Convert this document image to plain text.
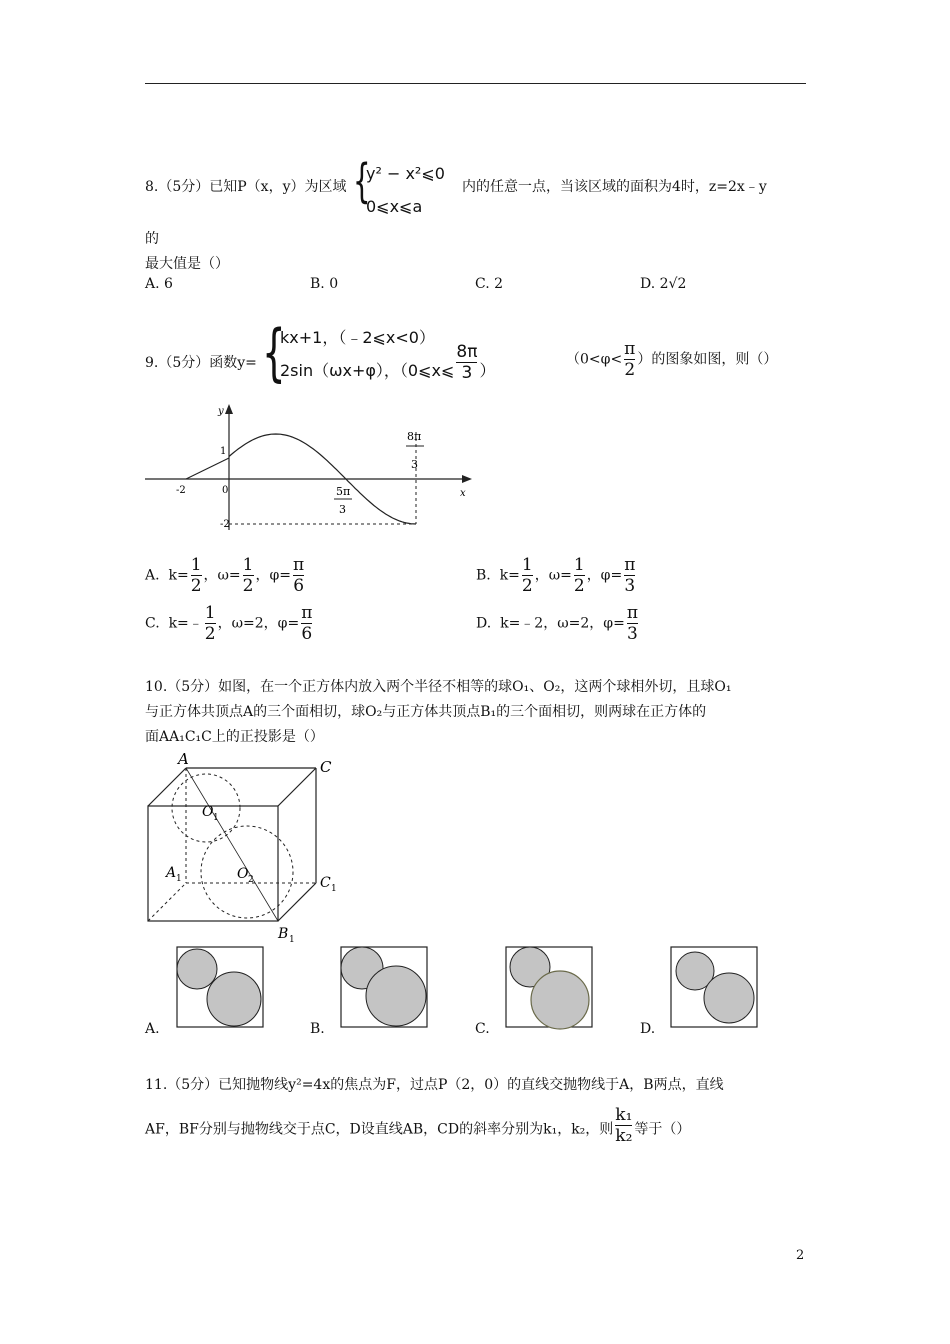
8.（5分）已知P（x，y）为区域 {
y² − x²⩽0
0⩽x⩽a
内的任意一点，当该区域的面积为4时，z=2x﹣y
的
最大值是（）
A. 6	B. 0	C. 2	D. 2√2
9.（5分）函数y= {
kx+1，（﹣2⩽x<0）
2sin（ωx+φ），（0⩽x⩽ $\frac{8\pi}{3}$ ）
（$0<\varphi< \frac{\pi}{2}$ ）的图象如图，则（）
y
x
1
-2
-2	0	5π
3
8π
3
A. $k= \frac{1}{2}$ ，$\omega= \frac{1}{2}$ ，$\varphi= \frac{\pi}{6}$	B. $k= \frac{1}{2}$ ，$\omega= \frac{1}{2}$ ，$\varphi= \frac{\pi}{3}$
C. k=﹣ $\frac{1}{2}$ ，ω=2，$\varphi= \frac{\pi}{6}$	D. k=﹣2，ω=2，$\varphi= \frac{\pi}{3}$
10.（5分）如图，在一个正方体内放入两个半径不相等的球O₁、O₂，这两个球相外切，且球O₁
与正方体共顶点A的三个面相切，球O₂与正方体共顶点B₁的三个面相切，则两球在正方体的
面AA₁C₁C上的正投影是（）
A	C
O 1
O 2
A 1	C 1
B 1
A.	B.	C.	D.
11.（5分）已知抛物线y²=4x的焦点为F，过点P（2，0）的直线交抛物线于A，B两点，直线
AF，BF分别与抛物线交于点C，D设直线AB，CD的斜率分别为k₁，k₂，则 $\frac{\text{k₁}}{\text{k₂}}$ 等于（）
2
